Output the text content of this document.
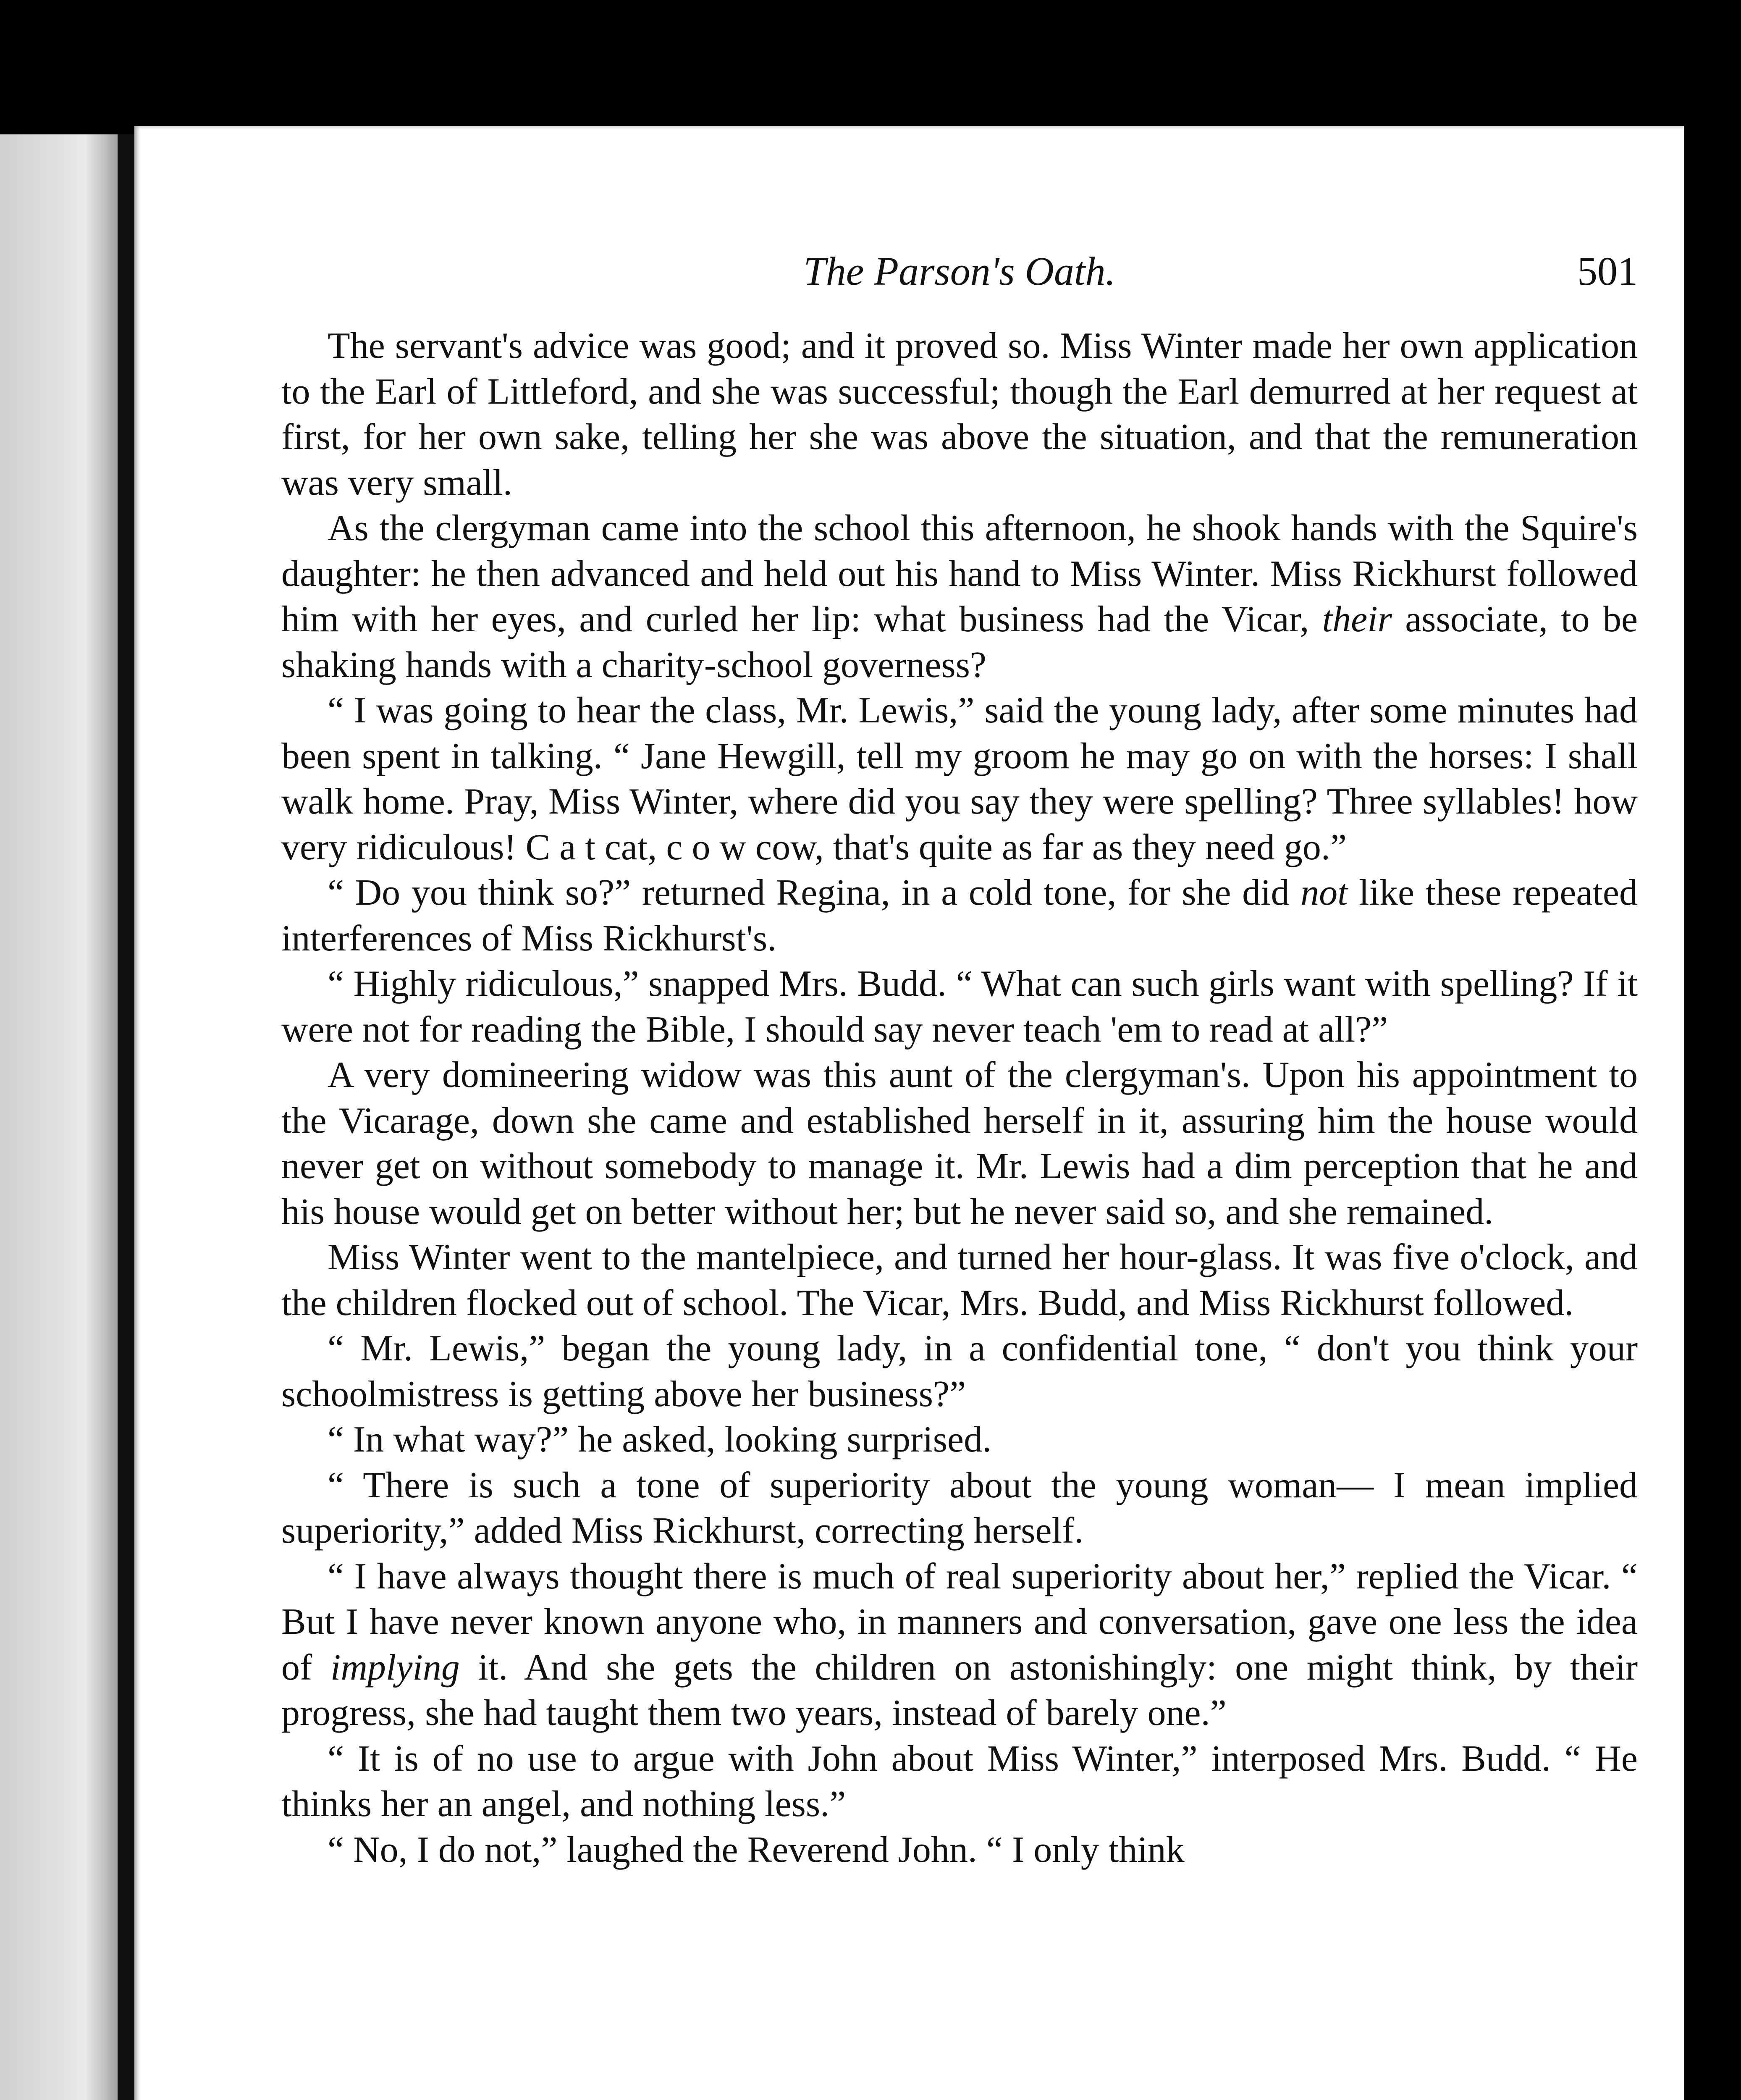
The Parson's Oath.	501

The servant's advice was good; and it proved so. Miss Winter made her own application to the Earl of Littleford, and she was successful; though the Earl demurred at her request at first, for her own sake, telling her she was above the situation, and that the remuneration was very small.

As the clergyman came into the school this afternoon, he shook hands with the Squire's daughter: he then advanced and held out his hand to Miss Winter. Miss Rickhurst followed him with her eyes, and curled her lip: what business had the Vicar, their associate, to be shaking hands with a charity-school governess?

“ I was going to hear the class, Mr. Lewis,” said the young lady, after some minutes had been spent in talking. “ Jane Hewgill, tell my groom he may go on with the horses: I shall walk home. Pray, Miss Winter, where did you say they were spelling? Three syllables! how very ridiculous! C a t cat, c o w cow, that's quite as far as they need go.”

“ Do you think so?” returned Regina, in a cold tone, for she did not like these repeated interferences of Miss Rickhurst's.

“ Highly ridiculous,” snapped Mrs. Budd. “ What can such girls want with spelling? If it were not for reading the Bible, I should say never teach 'em to read at all?”

A very domineering widow was this aunt of the clergyman's. Upon his appointment to the Vicarage, down she came and established herself in it, assuring him the house would never get on without somebody to manage it. Mr. Lewis had a dim perception that he and his house would get on better without her; but he never said so, and she remained.

Miss Winter went to the mantelpiece, and turned her hour-glass. It was five o'clock, and the children flocked out of school. The Vicar, Mrs. Budd, and Miss Rickhurst followed.

“ Mr. Lewis,” began the young lady, in a confidential tone, “ don't you think your schoolmistress is getting above her business?”

“ In what way?” he asked, looking surprised.

“ There is such a tone of superiority about the young woman— I mean implied superiority,” added Miss Rickhurst, correcting herself.

“ I have always thought there is much of real superiority about her,” replied the Vicar. “ But I have never known anyone who, in manners and conversation, gave one less the idea of implying it. And she gets the children on astonishingly: one might think, by their progress, she had taught them two years, instead of barely one.”

“ It is of no use to argue with John about Miss Winter,” interposed Mrs. Budd. “ He thinks her an angel, and nothing less.”

“ No, I do not,” laughed the Reverend John. “ I only think
